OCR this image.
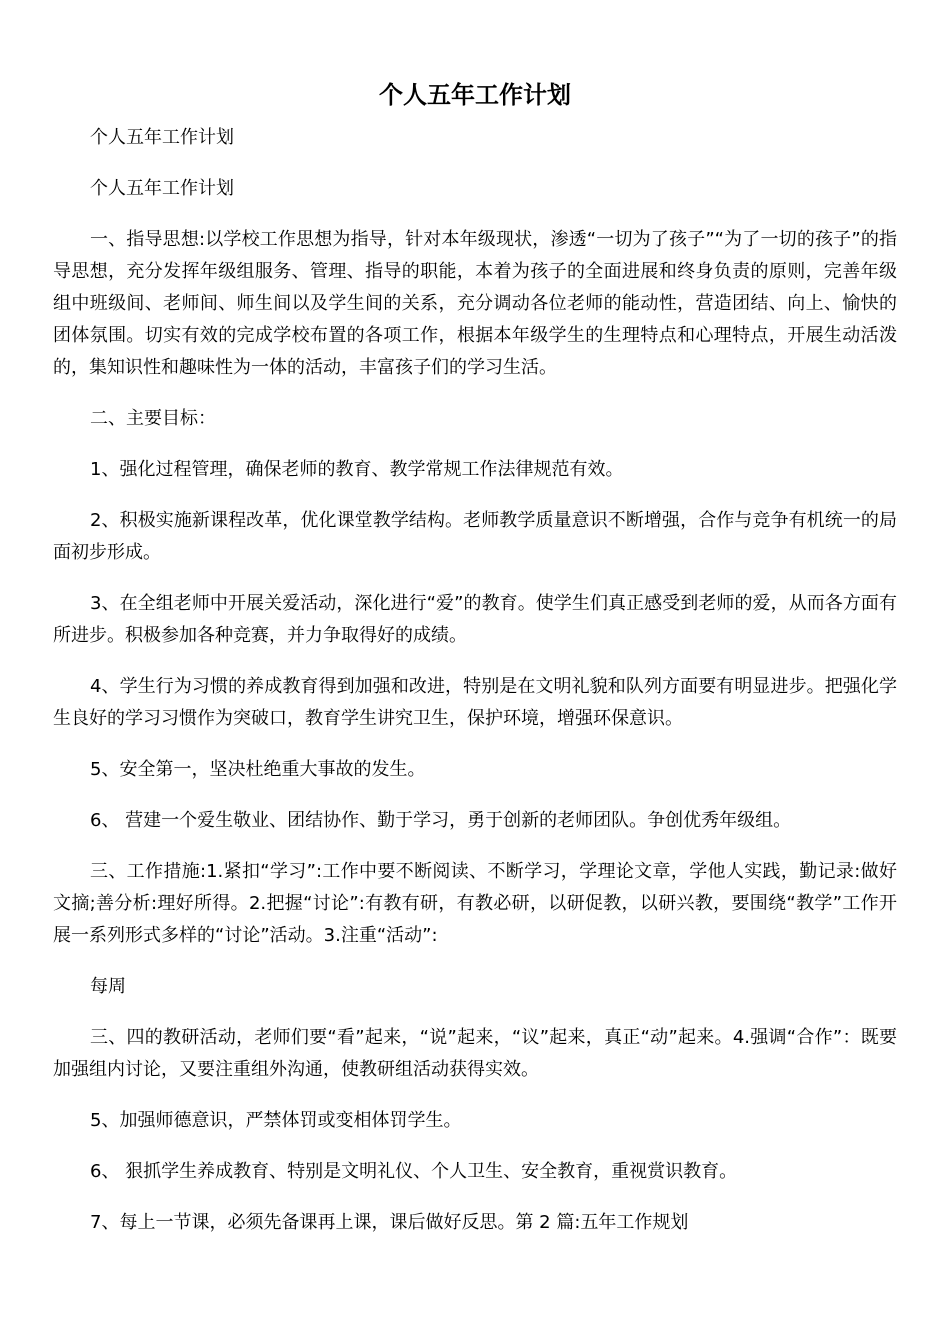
个人五年工作计划

个人五年工作计划

个人五年工作计划

一、指导思想:以学校工作思想为指导，针对本年级现状，渗透“一切为了孩子”“为了一切的孩子”的指导思想，充分发挥年级组服务、管理、指导的职能，本着为孩子的全面进展和终身负责的原则，完善年级组中班级间、老师间、师生间以及学生间的关系，充分调动各位老师的能动性，营造团结、向上、愉快的团体氛围。切实有效的完成学校布置的各项工作，根据本年级学生的生理特点和心理特点，开展生动活泼的，集知识性和趣味性为一体的活动，丰富孩子们的学习生活。

二、主要目标：

1、强化过程管理，确保老师的教育、教学常规工作法律规范有效。

2、积极实施新课程改革，优化课堂教学结构。老师教学质量意识不断增强，合作与竞争有机统一的局面初步形成。

3、在全组老师中开展关爱活动，深化进行“爱”的教育。使学生们真正感受到老师的爱，从而各方面有所进步。积极参加各种竞赛，并力争取得好的成绩。

4、学生行为习惯的养成教育得到加强和改进，特别是在文明礼貌和队列方面要有明显进步。把强化学生良好的学习习惯作为突破口，教育学生讲究卫生，保护环境，增强环保意识。

5、安全第一，坚决杜绝重大事故的发生。

6、 营建一个爱生敬业、团结协作、勤于学习，勇于创新的老师团队。争创优秀年级组。

三、工作措施:1.紧扣“学习”:工作中要不断阅读、不断学习，学理论文章，学他人实践，勤记录:做好文摘;善分析:理好所得。2.把握“讨论”:有教有研，有教必研，以研促教，以研兴教，要围绕“教学”工作开展一系列形式多样的“讨论”活动。3.注重“活动”:

每周

三、四的教研活动，老师们要“看”起来，“说”起来，“议”起来，真正“动”起来。4.强调“合作”：既要加强组内讨论，又要注重组外沟通，使教研组活动获得实效。

5、加强师德意识，严禁体罚或变相体罚学生。

6、 狠抓学生养成教育、特别是文明礼仪、个人卫生、安全教育，重视赏识教育。

7、每上一节课，必须先备课再上课，课后做好反思。第 2 篇:五年工作规划
